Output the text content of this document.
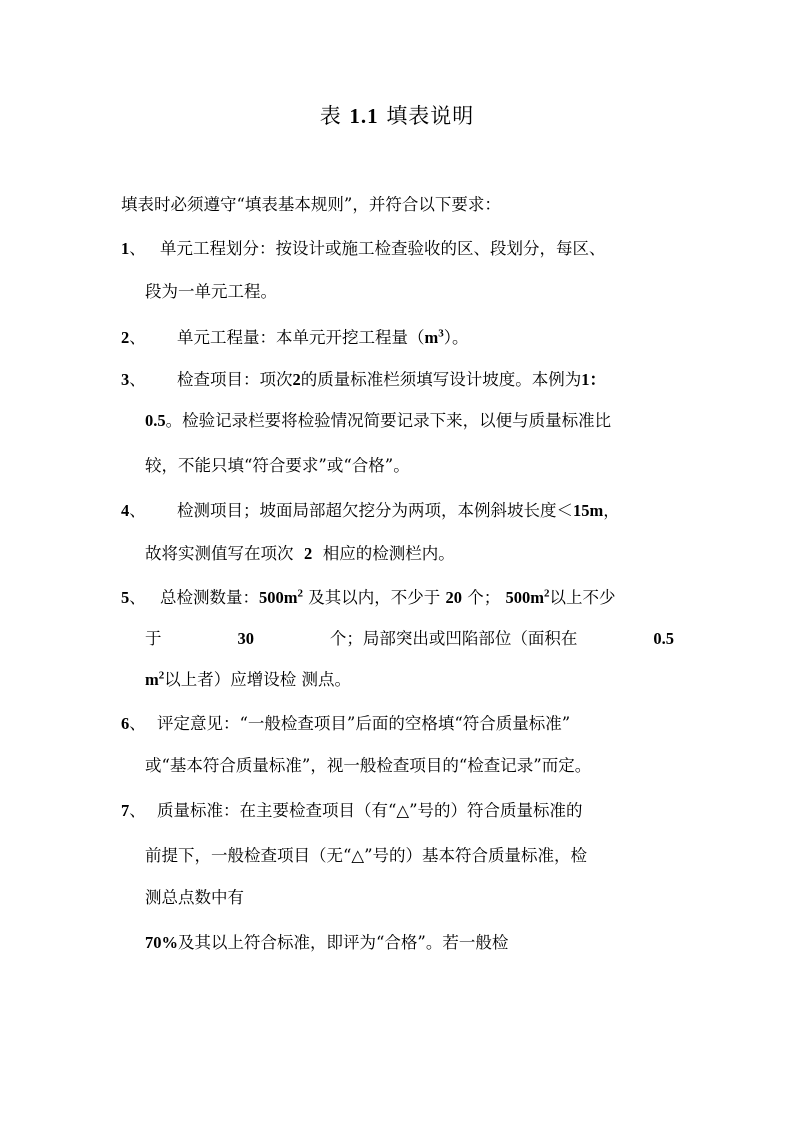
表 1.1 填表说明
填表时必须遵守“填表基本规则”，并符合以下要求：
1、 单元工程划分：按设计或施工检查验收的区、段划分，每区、
段为一单元工程。
2、 单元工程量：本单元开挖工程量$(m^3)$。
3、 检查项目：项次2的质量标准栏须填写设计坡度。本例为1：
0.5。检验记录栏要将检验情况简要记录下来，以便与质量标准比
较，不能只填“符合要求”或“合格”。
4、 检测项目；坡面局部超欠挖分为两项，本例斜坡长度＜15m，
故将实测值写在项次 2 相应的检测栏内。
5、 总检测数量：$500m^2$ 及其以内，不少于 20 个； $500m^2$以上不少
于	30	个；局部突出或凹陷部位（面积在	0.5
$m^2$以上者）应增设检 测点。
6、 评定意见：“一般检查项目”后面的空格填“符合质量标准”
或“基本符合质量标准”，视一般检查项目的“检查记录”而定。
7、 质量标准：在主要检查项目（有“△”号的）符合质量标准的
前提下，一般检查项目（无“△”号的）基本符合质量标准，检
测总点数中有
70%及其以上符合标准，即评为“合格”。若一般检
